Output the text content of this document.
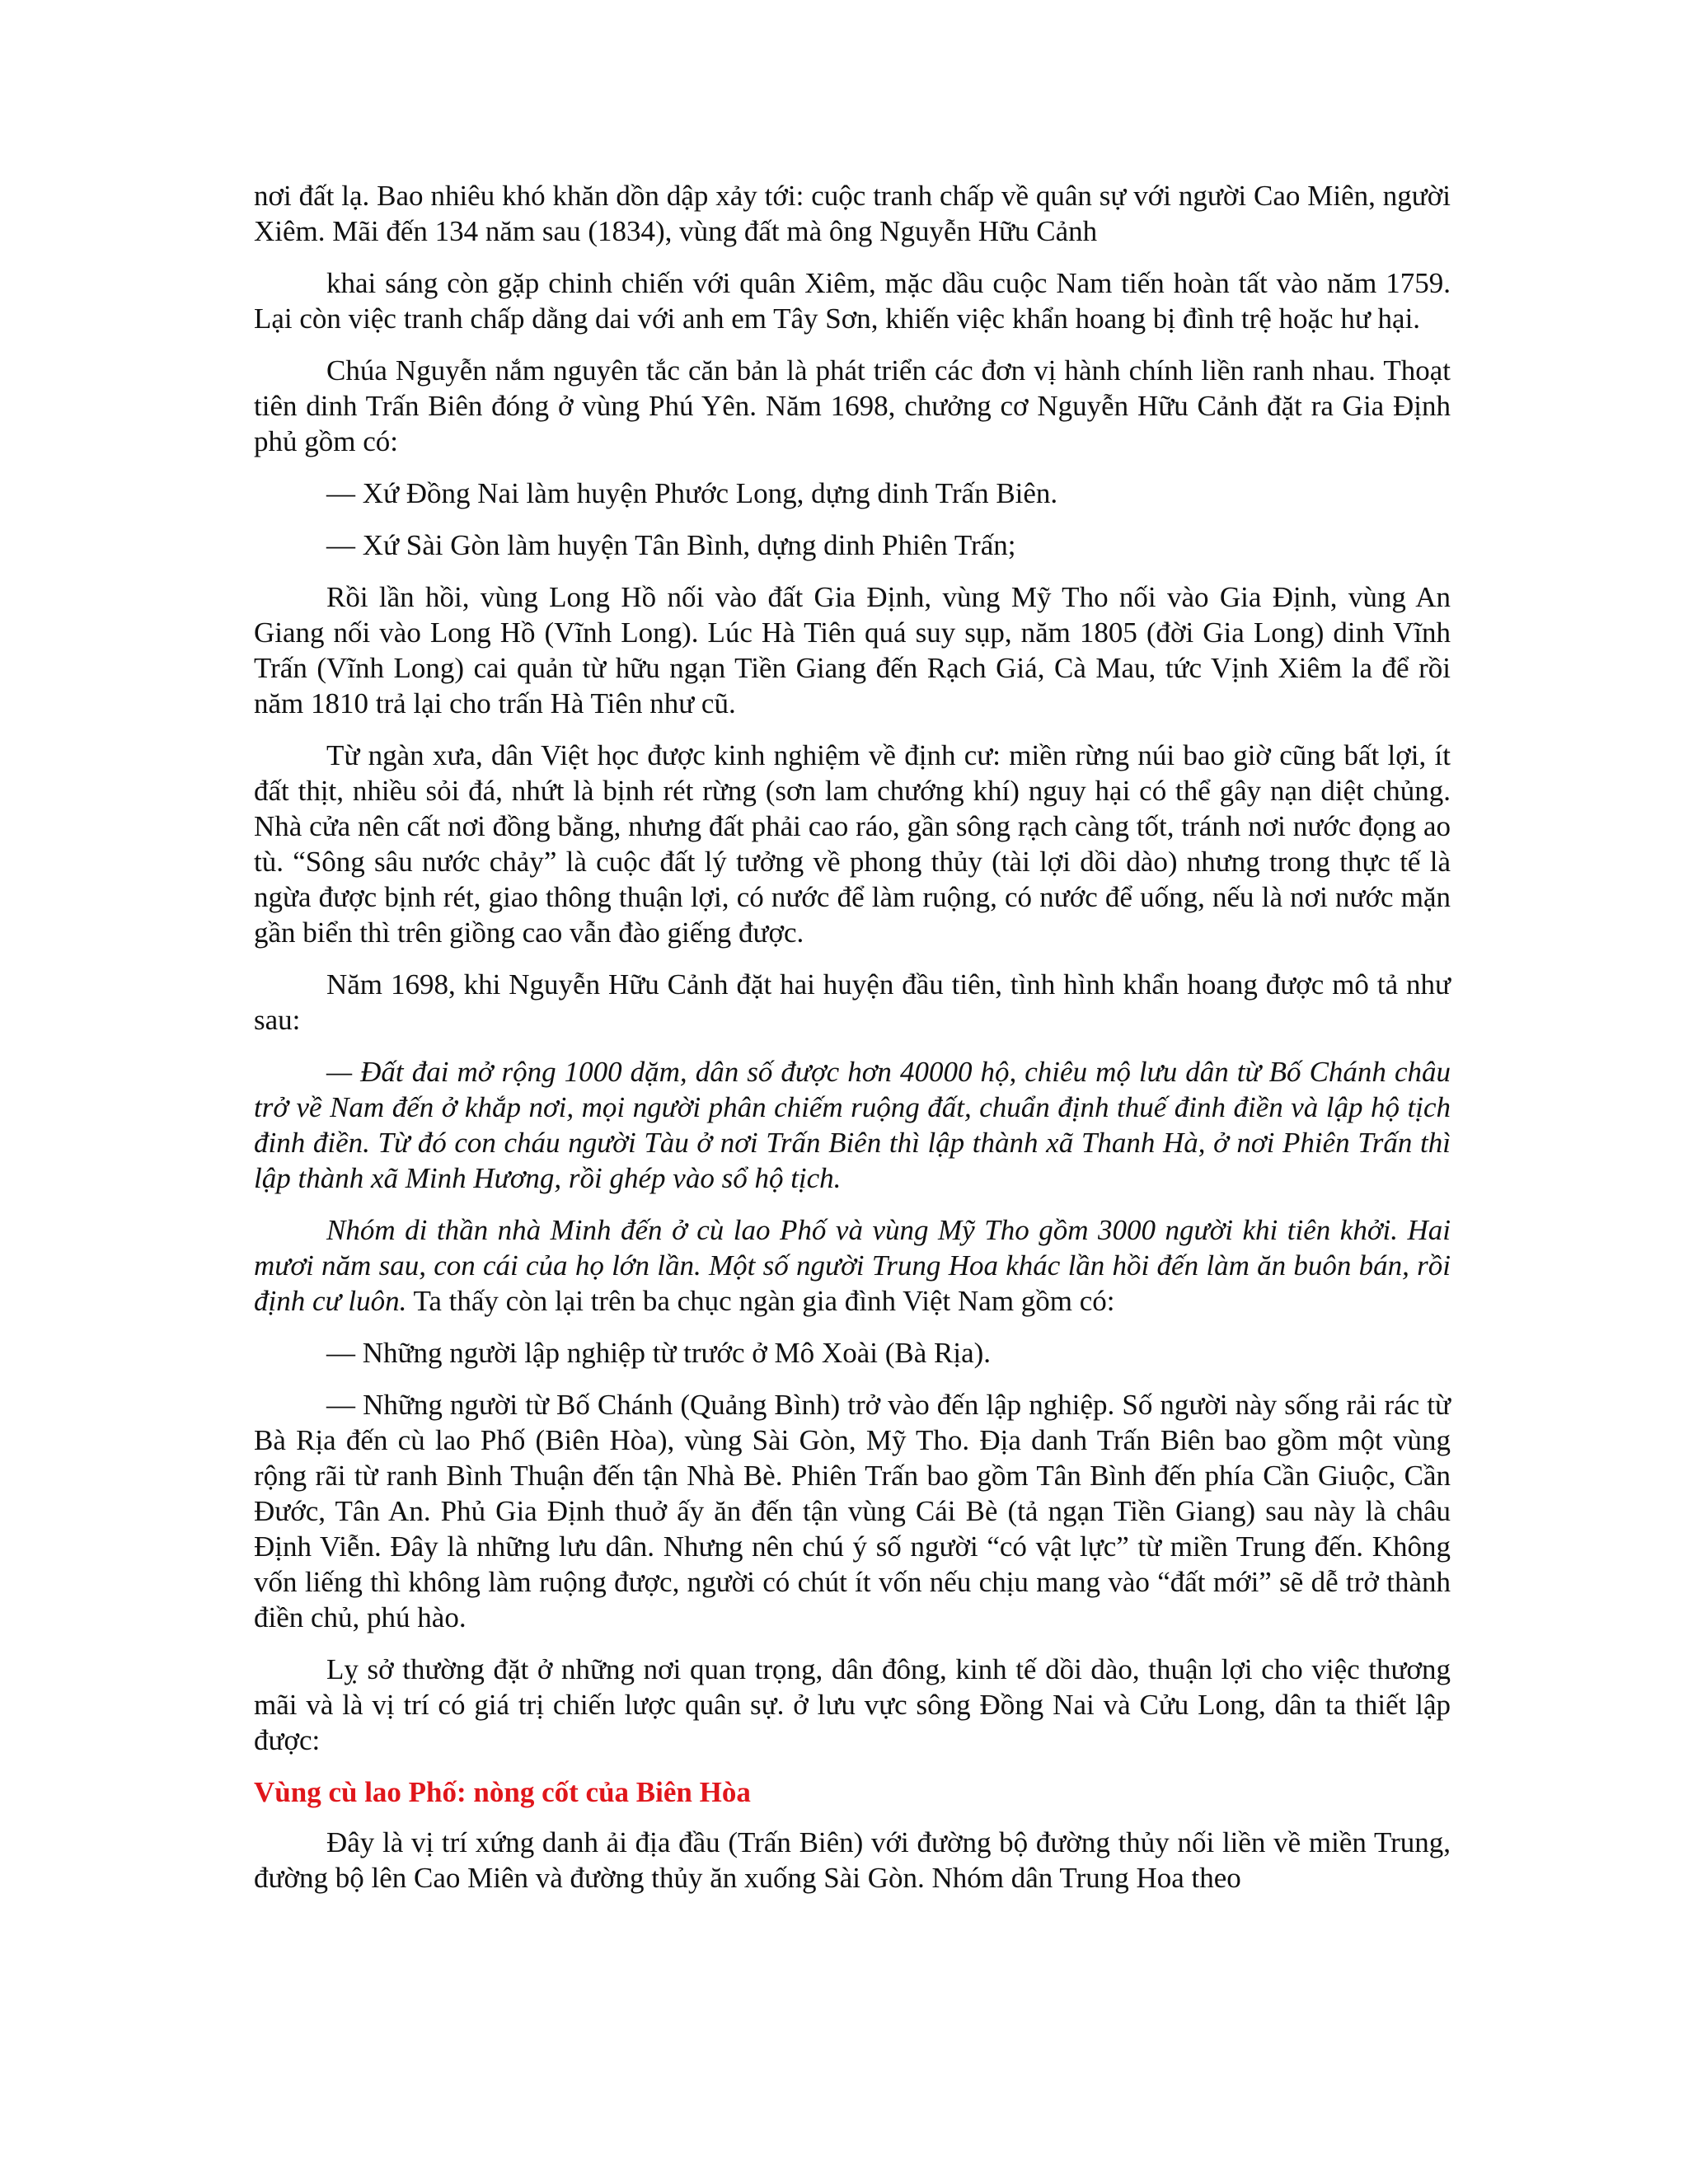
nơi đất lạ. Bao nhiêu khó khăn dồn dập xảy tới: cuộc tranh chấp về quân sự với người Cao Miên, người Xiêm. Mãi đến 134 năm sau (1834), vùng đất mà ông Nguyễn Hữu Cảnh

khai sáng còn gặp chinh chiến với quân Xiêm, mặc dầu cuộc Nam tiến hoàn tất vào năm 1759. Lại còn việc tranh chấp dằng dai với anh em Tây Sơn, khiến việc khẩn hoang bị đình trệ hoặc hư hại.

Chúa Nguyễn nắm nguyên tắc căn bản là phát triển các đơn vị hành chính liền ranh nhau. Thoạt tiên dinh Trấn Biên đóng ở vùng Phú Yên. Năm 1698, chưởng cơ Nguyễn Hữu Cảnh đặt ra Gia Định phủ gồm có:

— Xứ Đồng Nai làm huyện Phước Long, dựng dinh Trấn Biên.

— Xứ Sài Gòn làm huyện Tân Bình, dựng dinh Phiên Trấn;

Rồi lần hồi, vùng Long Hồ nối vào đất Gia Định, vùng Mỹ Tho nối vào Gia Định, vùng An Giang nối vào Long Hồ (Vĩnh Long). Lúc Hà Tiên quá suy sụp, năm 1805 (đời Gia Long) dinh Vĩnh Trấn (Vĩnh Long) cai quản từ hữu ngạn Tiền Giang đến Rạch Giá, Cà Mau, tức Vịnh Xiêm la để rồi năm 1810 trả lại cho trấn Hà Tiên như cũ.

Từ ngàn xưa, dân Việt học được kinh nghiệm về định cư: miền rừng núi bao giờ cũng bất lợi, ít đất thịt, nhiều sỏi đá, nhứt là bịnh rét rừng (sơn lam chướng khí) nguy hại có thể gây nạn diệt chủng. Nhà cửa nên cất nơi đồng bằng, nhưng đất phải cao ráo, gần sông rạch càng tốt, tránh nơi nước đọng ao tù. “Sông sâu nước chảy” là cuộc đất lý tưởng về phong thủy (tài lợi dồi dào) nhưng trong thực tế là ngừa được bịnh rét, giao thông thuận lợi, có nước để làm ruộng, có nước để uống, nếu là nơi nước mặn gần biển thì trên giồng cao vẫn đào giếng được.

Năm 1698, khi Nguyễn Hữu Cảnh đặt hai huyện đầu tiên, tình hình khẩn hoang được mô tả như sau:

— Đất đai mở rộng 1000 dặm, dân số được hơn 40000 hộ, chiêu mộ lưu dân từ Bố Chánh châu trở về Nam đến ở khắp nơi, mọi người phân chiếm ruộng đất, chuẩn định thuế đinh điền và lập hộ tịch đinh điền. Từ đó con cháu người Tàu ở nơi Trấn Biên thì lập thành xã Thanh Hà, ở nơi Phiên Trấn thì lập thành xã Minh Hương, rồi ghép vào sổ hộ tịch.

Nhóm di thần nhà Minh đến ở cù lao Phố và vùng Mỹ Tho gồm 3000 người khi tiên khởi. Hai mươi năm sau, con cái của họ lớn lần. Một số người Trung Hoa khác lần hồi đến làm ăn buôn bán, rồi định cư luôn. Ta thấy còn lại trên ba chục ngàn gia đình Việt Nam gồm có:

— Những người lập nghiệp từ trước ở Mô Xoài (Bà Rịa).

— Những người từ Bố Chánh (Quảng Bình) trở vào đến lập nghiệp. Số người này sống rải rác từ Bà Rịa đến cù lao Phố (Biên Hòa), vùng Sài Gòn, Mỹ Tho. Địa danh Trấn Biên bao gồm một vùng rộng rãi từ ranh Bình Thuận đến tận Nhà Bè. Phiên Trấn bao gồm Tân Bình đến phía Cần Giuộc, Cần Đước, Tân An. Phủ Gia Định thuở ấy ăn đến tận vùng Cái Bè (tả ngạn Tiền Giang) sau này là châu Định Viễn. Đây là những lưu dân. Nhưng nên chú ý số người “có vật lực” từ miền Trung đến. Không vốn liếng thì không làm ruộng được, người có chút ít vốn nếu chịu mang vào “đất mới” sẽ dễ trở thành điền chủ, phú hào.

Lỵ sở thường đặt ở những nơi quan trọng, dân đông, kinh tế dồi dào, thuận lợi cho việc thương mãi và là vị trí có giá trị chiến lược quân sự. ở lưu vực sông Đồng Nai và Cửu Long, dân ta thiết lập được:

Vùng cù lao Phố: nòng cốt của Biên Hòa

Đây là vị trí xứng danh ải địa đầu (Trấn Biên) với đường bộ đường thủy nối liền về miền Trung, đường bộ lên Cao Miên và đường thủy ăn xuống Sài Gòn. Nhóm dân Trung Hoa theo
